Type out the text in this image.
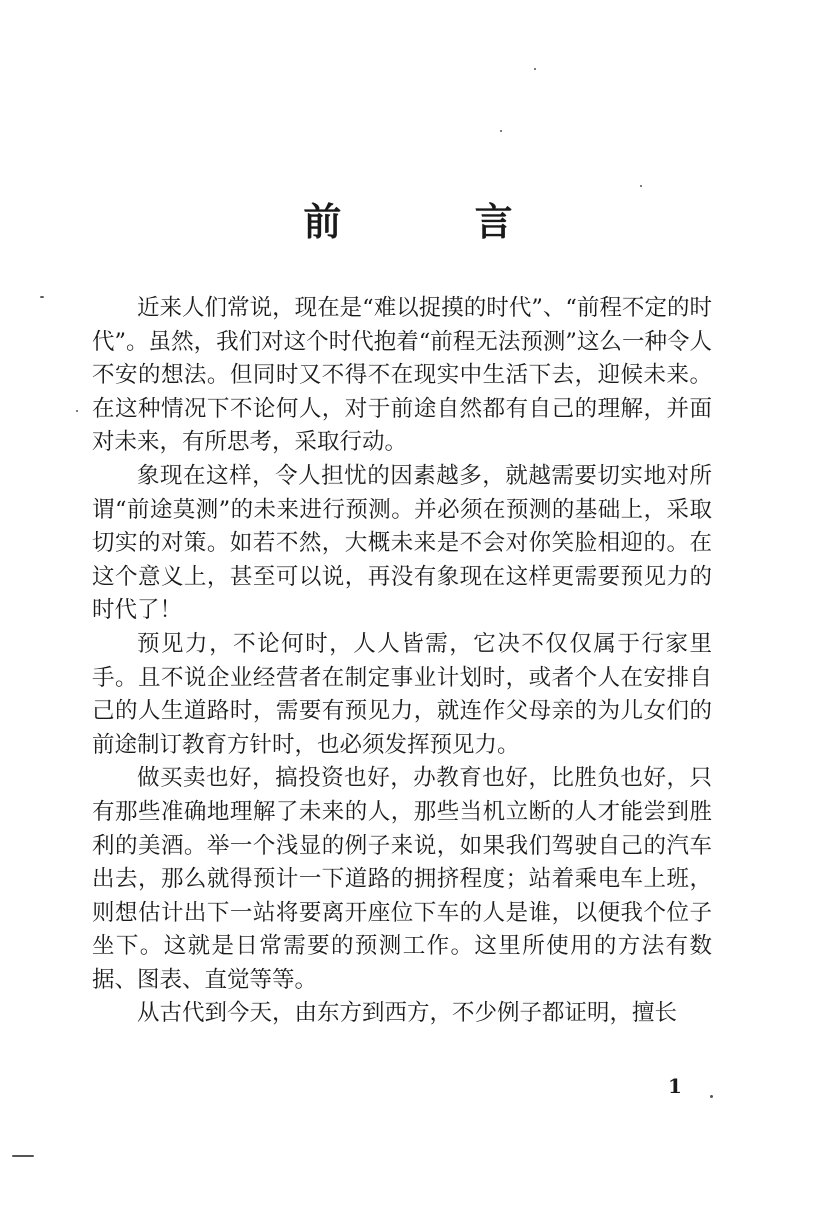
前 言

近来人们常说，现在是“难以捉摸的时代”、“前程不定的时代”。虽然，我们对这个时代抱着“前程无法预测”这么一种令人不安的想法。但同时又不得不在现实中生活下去，迎候未来。在这种情况下不论何人，对于前途自然都有自己的理解，并面对未来，有所思考，采取行动。

象现在这样，令人担忧的因素越多，就越需要切实地对所谓“前途莫测”的未来进行预测。并必须在预测的基础上，采取切实的对策。如若不然，大概未来是不会对你笑脸相迎的。在这个意义上，甚至可以说，再没有象现在这样更需要预见力的时代了！

预见力，不论何时，人人皆需，它决不仅仅属于行家里手。且不说企业经营者在制定事业计划时，或者个人在安排自己的人生道路时，需要有预见力，就连作父母亲的为儿女们的前途制订教育方针时，也必须发挥预见力。

做买卖也好，搞投资也好，办教育也好，比胜负也好，只有那些准确地理解了未来的人，那些当机立断的人才能尝到胜利的美酒。举一个浅显的例子来说，如果我们驾驶自己的汽车出去，那么就得预计一下道路的拥挤程度；站着乘电车上班，则想估计出下一站将要离开座位下车的人是谁，以便我个位子坐下。这就是日常需要的预测工作。这里所使用的方法有数据、图表、直觉等等。

从古代到今天，由东方到西方，不少例子都证明，擅长

1
